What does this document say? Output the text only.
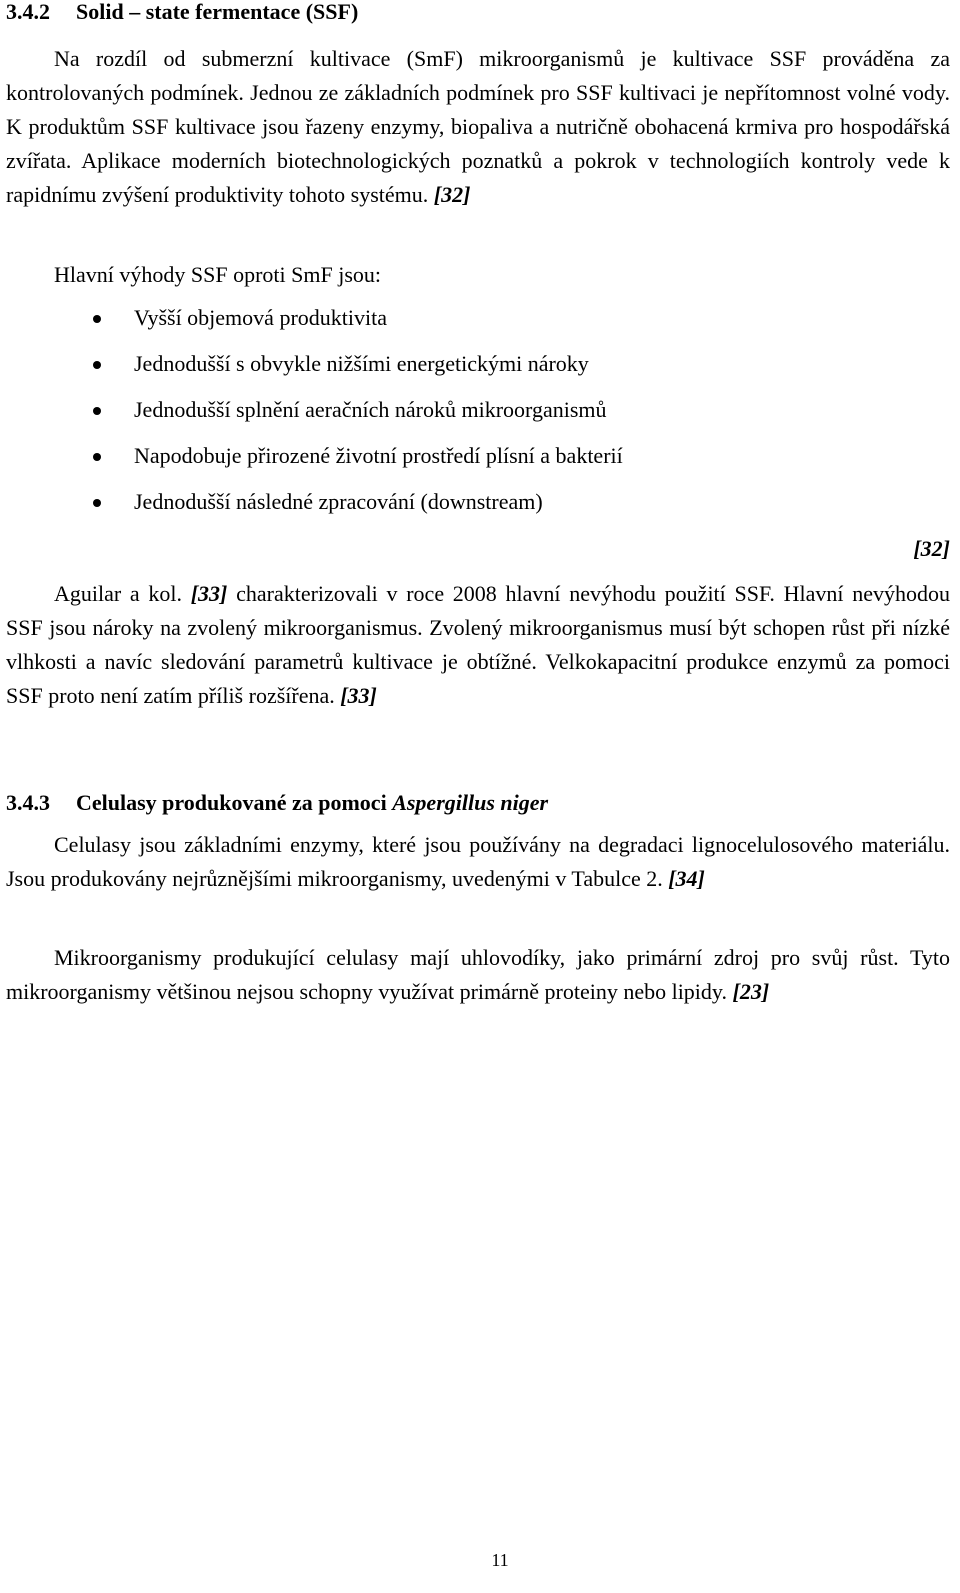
3.4.2 Solid – state fermentace (SSF)

Na rozdíl od submerzní kultivace (SmF) mikroorganismů je kultivace SSF prováděna za kontrolovaných podmínek. Jednou ze základních podmínek pro SSF kultivaci je nepřítomnost volné vody. K produktům SSF kultivace jsou řazeny enzymy, biopaliva a nutričně obohacená krmiva pro hospodářská zvířata. Aplikace moderních biotechnologických poznatků a pokrok v technologiích kontroly vede k rapidnímu zvýšení produktivity tohoto systému. [32]

Hlavní výhody SSF oproti SmF jsou:

Vyšší objemová produktivita
Jednodušší s obvykle nižšími energetickými nároky
Jednodušší splnění aeračních nároků mikroorganismů
Napodobuje přirozené životní prostředí plísní a bakterií
Jednodušší následné zpracování (downstream)
[32]

Aguilar a kol. [33] charakterizovali v roce 2008 hlavní nevýhodu použití SSF. Hlavní nevýhodou SSF jsou nároky na zvolený mikroorganismus. Zvolený mikroorganismus musí být schopen růst při nízké vlhkosti a navíc sledování parametrů kultivace je obtížné. Velkokapacitní produkce enzymů za pomoci SSF proto není zatím příliš rozšířena. [33]

3.4.3 Celulasy produkované za pomoci Aspergillus niger

Celulasy jsou základními enzymy, které jsou používány na degradaci lignocelulosového materiálu. Jsou produkovány nejrůznějšími mikroorganismy, uvedenými v Tabulce 2. [34]

Mikroorganismy produkující celulasy mají uhlovodíky, jako primární zdroj pro svůj růst. Tyto mikroorganismy většinou nejsou schopny využívat primárně proteiny nebo lipidy. [23]

11
